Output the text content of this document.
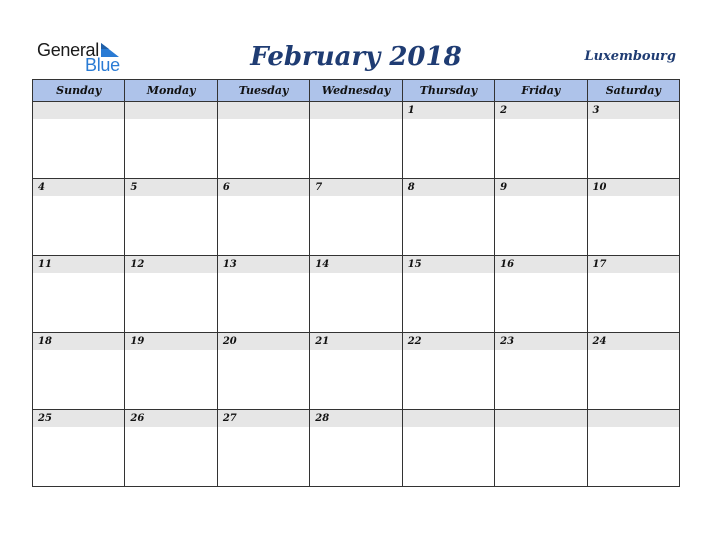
General
Blue	February 2018	Luxembourg
Sunday	Monday	Tuesday	Wednesday	Thursday	Friday	Saturday

				1	2	3

4	5	6	7	8	9	10

11	12	13	14	15	16	17

18	19	20	21	22	23	24

25	26	27	28			
